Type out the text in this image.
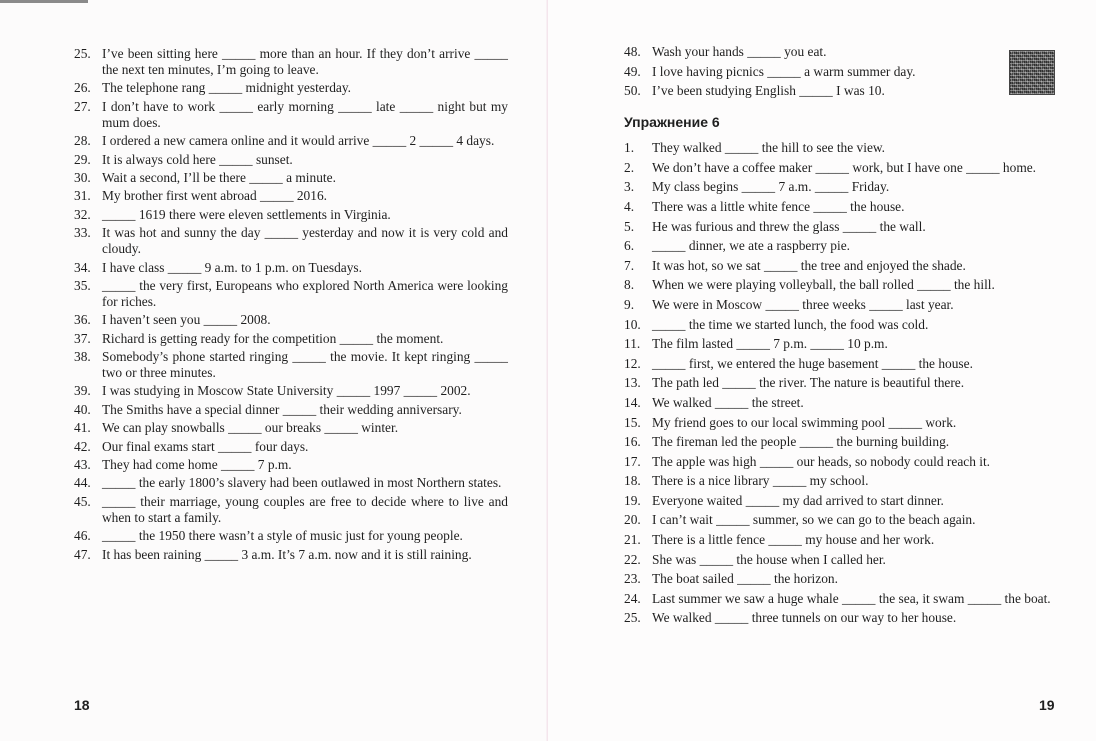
25. I’ve been sitting here _____ more than an hour. If they don’t arrive _____ the next ten minutes, I’m going to leave.
26. The telephone rang _____ midnight yesterday.
27. I don’t have to work _____ early morning _____ late _____ night but my mum does.
28. I ordered a new camera online and it would arrive _____ 2 _____ 4 days.
29. It is always cold here _____ sunset.
30. Wait a second, I’ll be there _____ a minute.
31. My brother first went abroad _____ 2016.
32. _____ 1619 there were eleven settlements in Virginia.
33. It was hot and sunny the day _____ yesterday and now it is very cold and cloudy.
34. I have class _____ 9 a.m. to 1 p.m. on Tuesdays.
35. _____ the very first, Europeans who explored North America were looking for riches.
36. I haven’t seen you _____ 2008.
37. Richard is getting ready for the competition _____ the moment.
38. Somebody’s phone started ringing _____ the movie. It kept ringing _____ two or three minutes.
39. I was studying in Moscow State University _____ 1997 _____ 2002.
40. The Smiths have a special dinner _____ their wedding anniversary.
41. We can play snowballs _____ our breaks _____ winter.
42. Our final exams start _____ four days.
43. They had come home _____ 7 p.m.
44. _____ the early 1800’s slavery had been outlawed in most Northern states.
45. _____ their marriage, young couples are free to decide where to live and when to start a family.
46. _____ the 1950 there wasn’t a style of music just for young people.
47. It has been raining _____ 3 a.m. It’s 7 a.m. now and it is still raining.
18
48. Wash your hands _____ you eat.
49. I love having picnics _____ a warm summer day.
50. I’ve been studying English _____ I was 10.
Упражнение 6
1.	They walked _____ the hill to see the view.
2.	We don’t have a coffee maker _____ work, but I have one _____ home.
3.	My class begins _____ 7 a.m. _____ Friday.
4.	There was a little white fence _____ the house.
5.	He was furious and threw the glass _____ the wall.
6.	_____ dinner, we ate a raspberry pie.
7.	It was hot, so we sat _____ the tree and enjoyed the shade.
8.	When we were playing volleyball, the ball rolled _____ the hill.
9.	We were in Moscow _____ three weeks _____ last year.
10. _____ the time we started lunch, the food was cold.
11. The film lasted _____ 7 p.m. _____ 10 p.m.
12. _____ first, we entered the huge basement _____ the house.
13. The path led _____ the river. The nature is beautiful there.
14. We walked _____ the street.
15. My friend goes to our local swimming pool _____ work.
16. The fireman led the people _____ the burning building.
17. The apple was high _____ our heads, so nobody could reach it.
18. There is a nice library _____ my school.
19. Everyone waited _____ my dad arrived to start dinner.
20. I can’t wait _____ summer, so we can go to the beach again.
21. There is a little fence _____ my house and her work.
22. She was _____ the house when I called her.
23. The boat sailed _____ the horizon.
24. Last summer we saw a huge whale _____ the sea, it swam _____ the boat.
25. We walked _____ three tunnels on our way to her house.
19
